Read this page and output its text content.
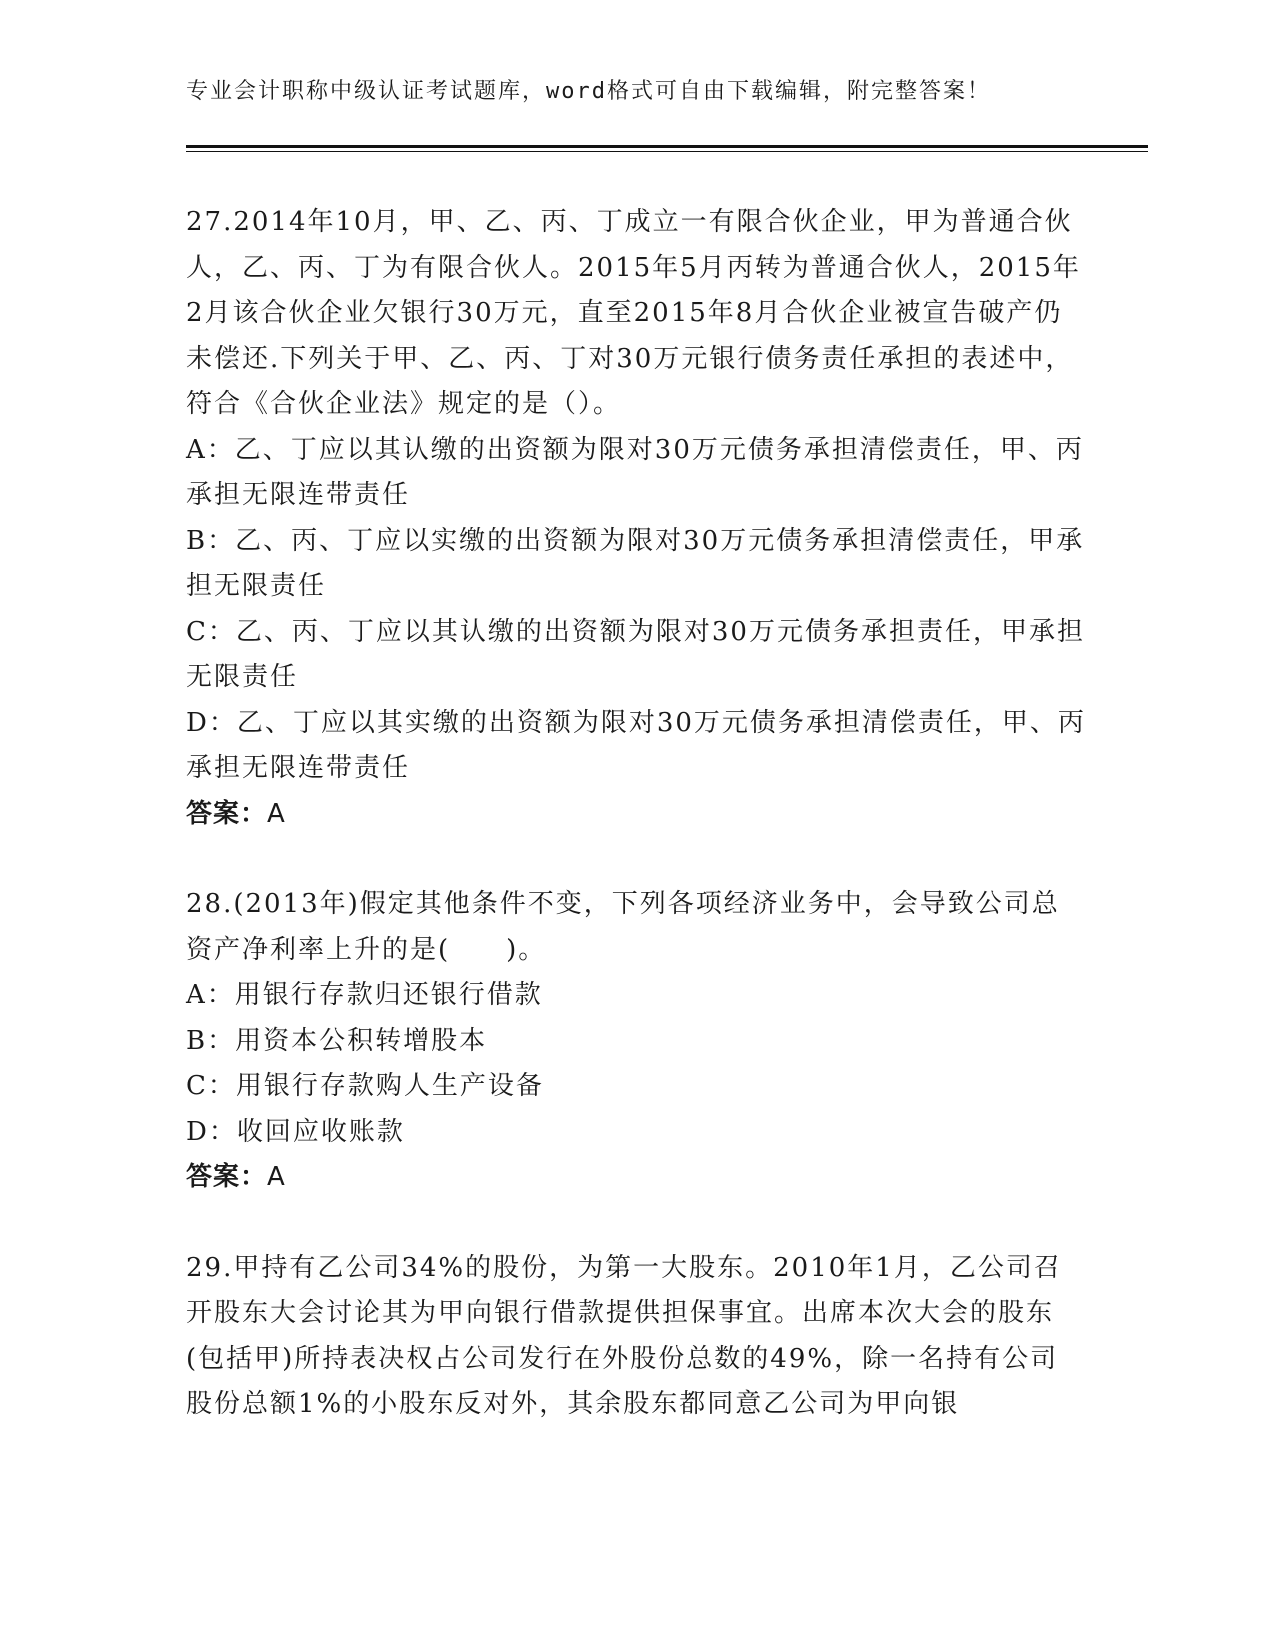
专业会计职称中级认证考试题库，word格式可自由下载编辑，附完整答案！

27.2014年10月，甲、乙、丙、丁成立一有限合伙企业，甲为普通合伙人，乙、丙、丁为有限合伙人。2015年5月丙转为普通合伙人，2015年2月该合伙企业欠银行30万元，直至2015年8月合伙企业被宣告破产仍未偿还.下列关于甲、乙、丙、丁对30万元银行债务责任承担的表述中，符合《合伙企业法》规定的是（）。

A：乙、丁应以其认缴的出资额为限对30万元债务承担清偿责任，甲、丙承担无限连带责任

B：乙、丙、丁应以实缴的出资额为限对30万元债务承担清偿责任，甲承担无限责任

C：乙、丙、丁应以其认缴的出资额为限对30万元债务承担责任，甲承担无限责任

D：乙、丁应以其实缴的出资额为限对30万元债务承担清偿责任，甲、丙承担无限连带责任

答案：A

28.(2013年)假定其他条件不变，下列各项经济业务中，会导致公司总资产净利率上升的是(　　)。

A：用银行存款归还银行借款

B：用资本公积转增股本

C：用银行存款购人生产设备

D：收回应收账款

答案：A

29.甲持有乙公司34%的股份，为第一大股东。2010年1月，乙公司召开股东大会讨论其为甲向银行借款提供担保事宜。出席本次大会的股东(包括甲)所持表决权占公司发行在外股份总数的49%，除一名持有公司股份总额1%的小股东反对外，其余股东都同意乙公司为甲向银
